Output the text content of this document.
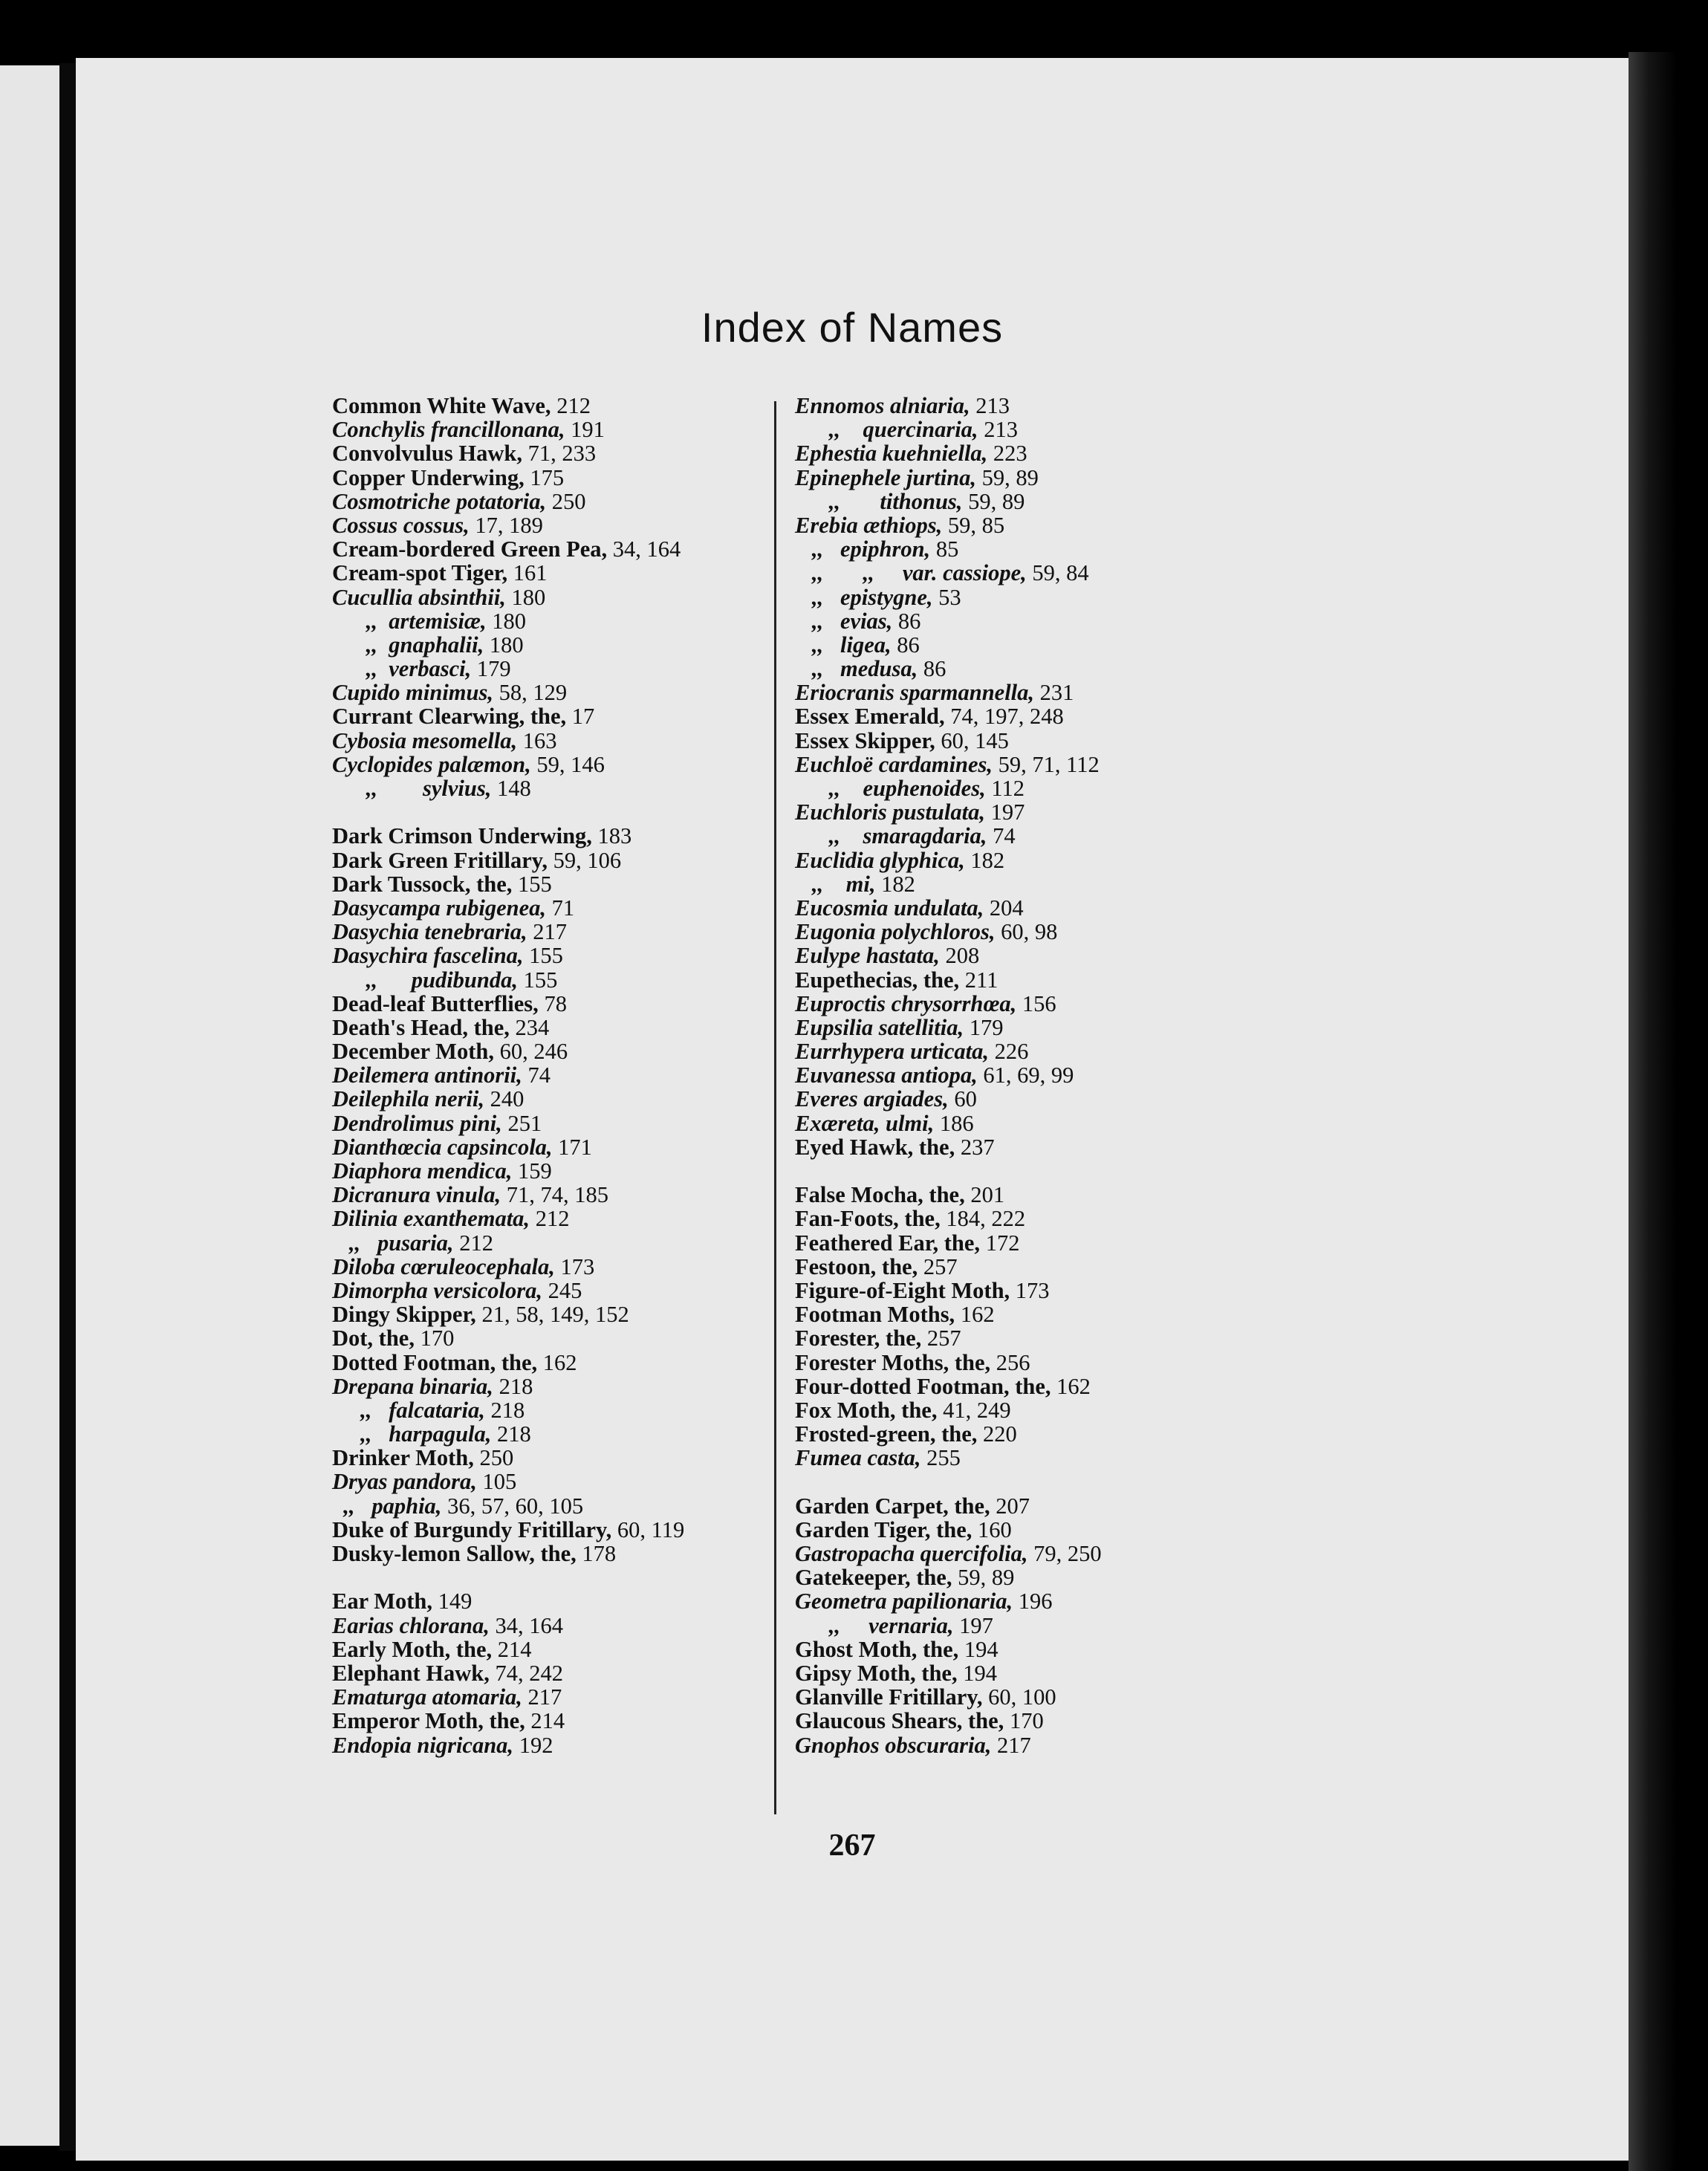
Index of Names
Common White Wave, 212
Conchylis francillonana, 191
Convolvulus Hawk, 71, 233
Copper Underwing, 175
Cosmotriche potatoria, 250
Cossus cossus, 17, 189
Cream-bordered Green Pea, 34, 164
Cream-spot Tiger, 161
Cucullia absinthii, 180
,,  artemisiæ, 180
,,  gnaphalii, 180
,,  verbasci, 179
Cupido minimus, 58, 129
Currant Clearwing, the, 17
Cybosia mesomella, 163
Cyclopides palæmon, 59, 146
,,        sylvius, 148
Dark Crimson Underwing, 183
Dark Green Fritillary, 59, 106
Dark Tussock, the, 155
Dasycampa rubigenea, 71
Dasychia tenebraria, 217
Dasychira fascelina, 155
,,      pudibunda, 155
Dead-leaf Butterflies, 78
Death's Head, the, 234
December Moth, 60, 246
Deilemera antinorii, 74
Deilephila nerii, 240
Dendrolimus pini, 251
Dianthœcia capsincola, 171
Diaphora mendica, 159
Dicranura vinula, 71, 74, 185
Dilinia exanthemata, 212
,,   pusaria, 212
Diloba cœruleocephala, 173
Dimorpha versicolora, 245
Dingy Skipper, 21, 58, 149, 152
Dot, the, 170
Dotted Footman, the, 162
Drepana binaria, 218
,,   falcataria, 218
,,   harpagula, 218
Drinker Moth, 250
Dryas pandora, 105
,,   paphia, 36, 57, 60, 105
Duke of Burgundy Fritillary, 60, 119
Dusky-lemon Sallow, the, 178
Ear Moth, 149
Earias chlorana, 34, 164
Early Moth, the, 214
Elephant Hawk, 74, 242
Ematurga atomaria, 217
Emperor Moth, the, 214
Endopia nigricana, 192
Ennomos alniaria, 213
,,    quercinaria, 213
Ephestia kuehniella, 223
Epinephele jurtina, 59, 89
,,       tithonus, 59, 89
Erebia æthiops, 59, 85
,,   epiphron, 85
,,       ,,     var. cassiope, 59, 84
,,   epistygne, 53
,,   evias, 86
,,   ligea, 86
,,   medusa, 86
Eriocranis sparmannella, 231
Essex Emerald, 74, 197, 248
Essex Skipper, 60, 145
Euchloë cardamines, 59, 71, 112
,,    euphenoides, 112
Euchloris pustulata, 197
,,    smaragdaria, 74
Euclidia glyphica, 182
,,    mi, 182
Eucosmia undulata, 204
Eugonia polychloros, 60, 98
Eulype hastata, 208
Eupethecias, the, 211
Euproctis chrysorrhœa, 156
Eupsilia satellitia, 179
Eurrhypera urticata, 226
Euvanessa antiopa, 61, 69, 99
Everes argiades, 60
Exæreta, ulmi, 186
Eyed Hawk, the, 237
False Mocha, the, 201
Fan-Foots, the, 184, 222
Feathered Ear, the, 172
Festoon, the, 257
Figure-of-Eight Moth, 173
Footman Moths, 162
Forester, the, 257
Forester Moths, the, 256
Four-dotted Footman, the, 162
Fox Moth, the, 41, 249
Frosted-green, the, 220
Fumea casta, 255
Garden Carpet, the, 207
Garden Tiger, the, 160
Gastropacha quercifolia, 79, 250
Gatekeeper, the, 59, 89
Geometra papilionaria, 196
,,     vernaria, 197
Ghost Moth, the, 194
Gipsy Moth, the, 194
Glanville Fritillary, 60, 100
Glaucous Shears, the, 170
Gnophos obscuraria, 217
267
